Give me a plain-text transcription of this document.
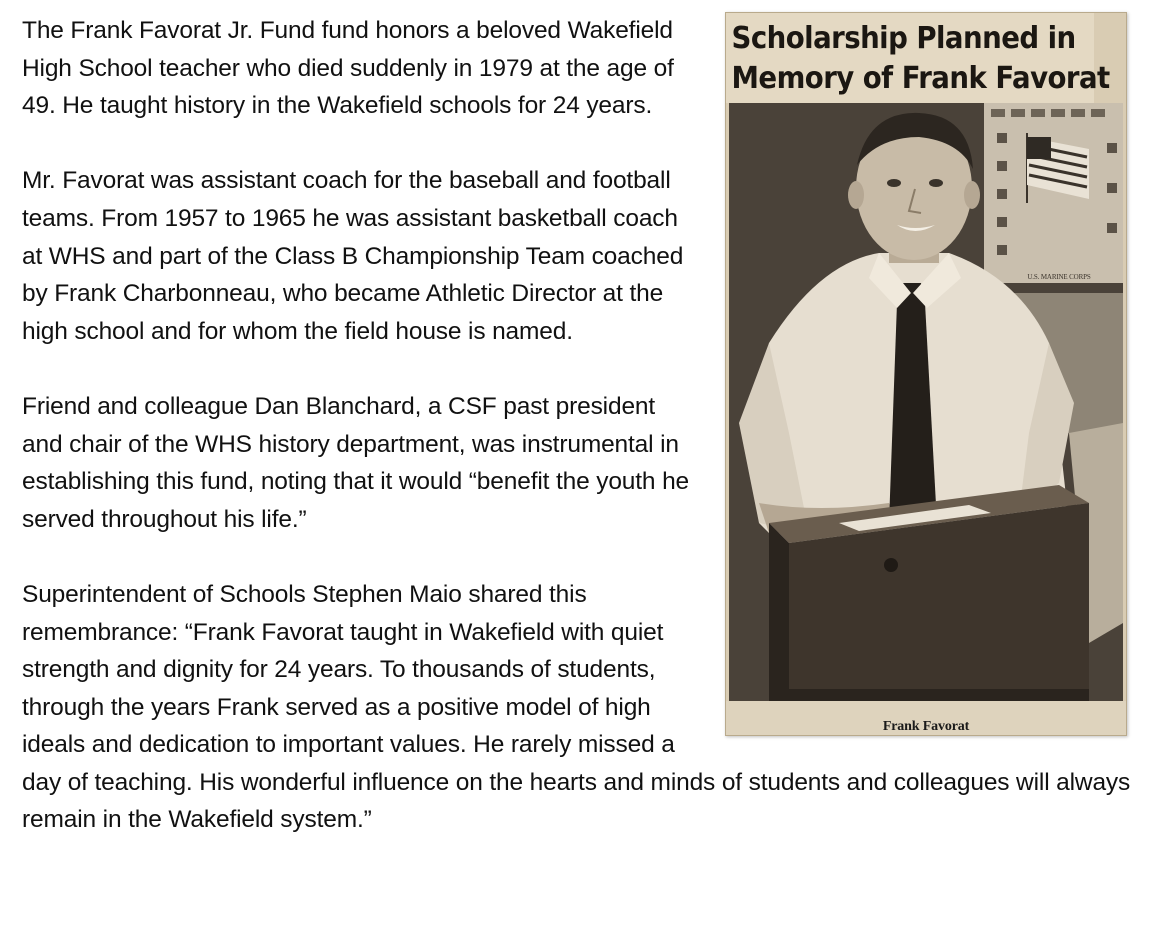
Scholarship Planned in
Memory of Frank Favorat
U.S. MARINE CORPS
Frank Favorat

The Frank Favorat Jr. Fund fund honors a beloved Wakefield High School teacher who died suddenly in 1979 at the age of 49. He taught history in the Wakefield schools for 24 years.

Mr. Favorat was assistant coach for the baseball and football teams. From 1957 to 1965 he was assistant basketball coach at WHS and part of the Class B Championship Team coached by Frank Charbonneau, who became Athletic Director at the high school and for whom the field house is named.

Friend and colleague Dan Blanchard, a CSF past president and chair of the WHS history department, was instrumental in establishing this fund, noting that it would “benefit the youth he served throughout his life.”

Superintendent of Schools Stephen Maio shared this remembrance: “Frank Favorat taught in Wakefield with quiet strength and dignity for 24 years. To thousands of students, through the years Frank served as a positive model of high ideals and dedication to important values. He rarely missed a day of teaching. His wonderful influence on the hearts and minds of students and colleagues will always remain in the Wakefield system.”
